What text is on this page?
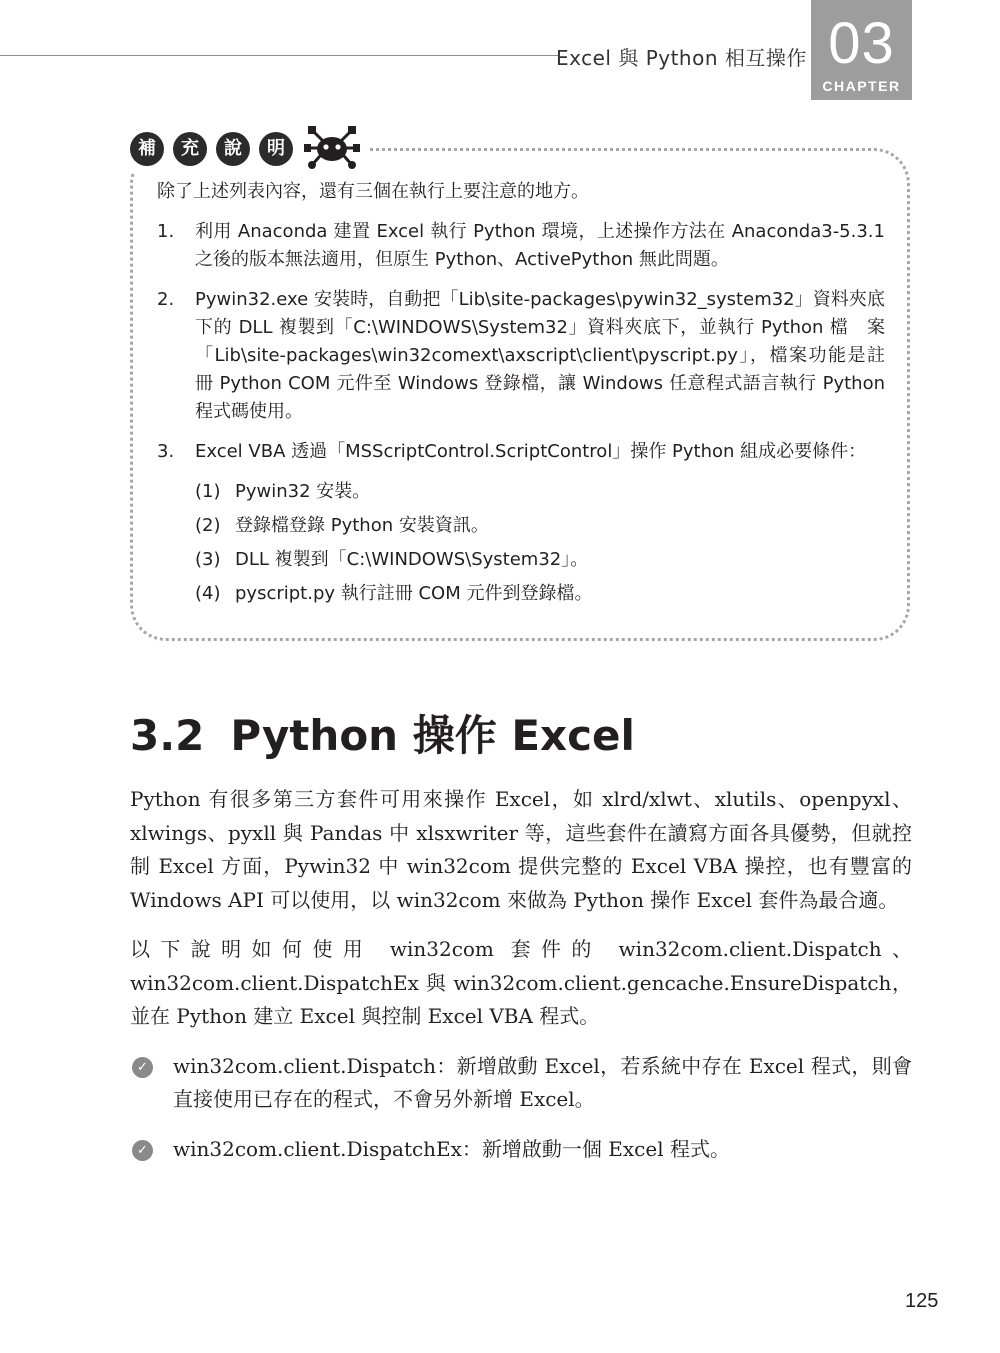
Excel 與 Python 相互操作 03
CHAPTER
補	充	說	明
除了上述列表內容，還有三個在執行上要注意的地方。
1. 利用 Anaconda 建置 Excel 執行 Python 環境，上述操作方法在 Anaconda3-5.3.1 之後的版本無法適用，但原生 Python、ActivePython 無此問題。
2. Pywin32.exe 安裝時，自動把「Lib\site-packages\pywin32_system32」資料夾底下的 DLL 複製到「C:\WINDOWS\System32」資料夾底下，並執行 Python 檔　案「Lib\site-packages\win32comext\axscript\client\pyscript.py」，檔案功能是註冊 Python COM 元件至 Windows 登錄檔，讓 Windows 任意程式語言執行 Python 程式碼使用。
3. Excel VBA 透過「MSScriptControl.ScriptControl」操作 Python 組成必要條件：
(1) Pywin32 安裝。
(2) 登錄檔登錄 Python 安裝資訊。
(3) DLL 複製到「C:\WINDOWS\System32」。
(4) pyscript.py 執行註冊 COM 元件到登錄檔。
3.2 Python 操作 Excel

Python 有很多第三方套件可用來操作 Excel，如 xlrd/xlwt、xlutils、openpyxl、xlwings、pyxll 與 Pandas 中 xlsxwriter 等，這些套件在讀寫方面各具優勢，但就控制 Excel 方面，Pywin32 中 win32com 提供完整的 Excel VBA 操控，也有豐富的 Windows API 可以使用，以 win32com 來做為 Python 操作 Excel 套件為最合適。

以下說明如何使用 win32com 套件的 win32com.client.Dispatch、win32com.client.DispatchEx 與 win32com.client.gencache.EnsureDispatch，並在 Python 建立 Excel 與控制 Excel VBA 程式。

✓ win32com.client.Dispatch：新增啟動 Excel，若系統中存在 Excel 程式，則會直接使用已存在的程式，不會另外新增 Excel。
✓ win32com.client.DispatchEx：新增啟動一個 Excel 程式。
125
